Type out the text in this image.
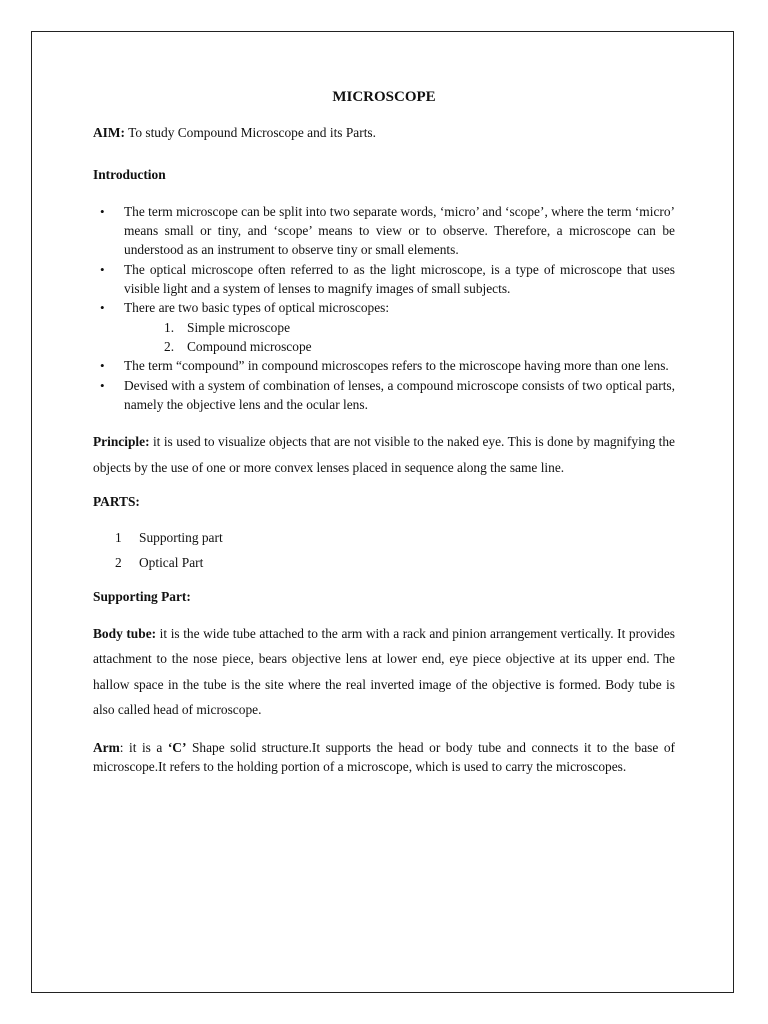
MICROSCOPE

AIM: To study Compound Microscope and its Parts.

Introduction

• The term microscope can be split into two separate words, ‘micro’ and ‘scope’, where the term ‘micro’ means small or tiny, and ‘scope’ means to view or to observe. Therefore, a microscope can be understood as an instrument to observe tiny or small elements.
• The optical microscope often referred to as the light microscope, is a type of microscope that uses visible light and a system of lenses to magnify images of small subjects.
• There are two basic types of optical microscopes:
1. Simple microscope
2. Compound microscope
• The term “compound” in compound microscopes refers to the microscope having more than one lens.
• Devised with a system of combination of lenses, a compound microscope consists of two optical parts, namely the objective lens and the ocular lens.

Principle: it is used to visualize objects that are not visible to the naked eye. This is done by magnifying the objects by the use of one or more convex lenses placed in sequence along the same line.

PARTS:

1 Supporting part
2 Optical Part

Supporting Part:

Body tube: it is the wide tube attached to the arm with a rack and pinion arrangement vertically. It provides attachment to the nose piece, bears objective lens at lower end, eye piece objective at its upper end. The hallow space in the tube is the site where the real inverted image of the objective is formed. Body tube is also called head of microscope.

Arm: it is a ‘C’ Shape solid structure.It supports the head or body tube and connects it to the base of microscope.It refers to the holding portion of a microscope, which is used to carry the microscopes.
